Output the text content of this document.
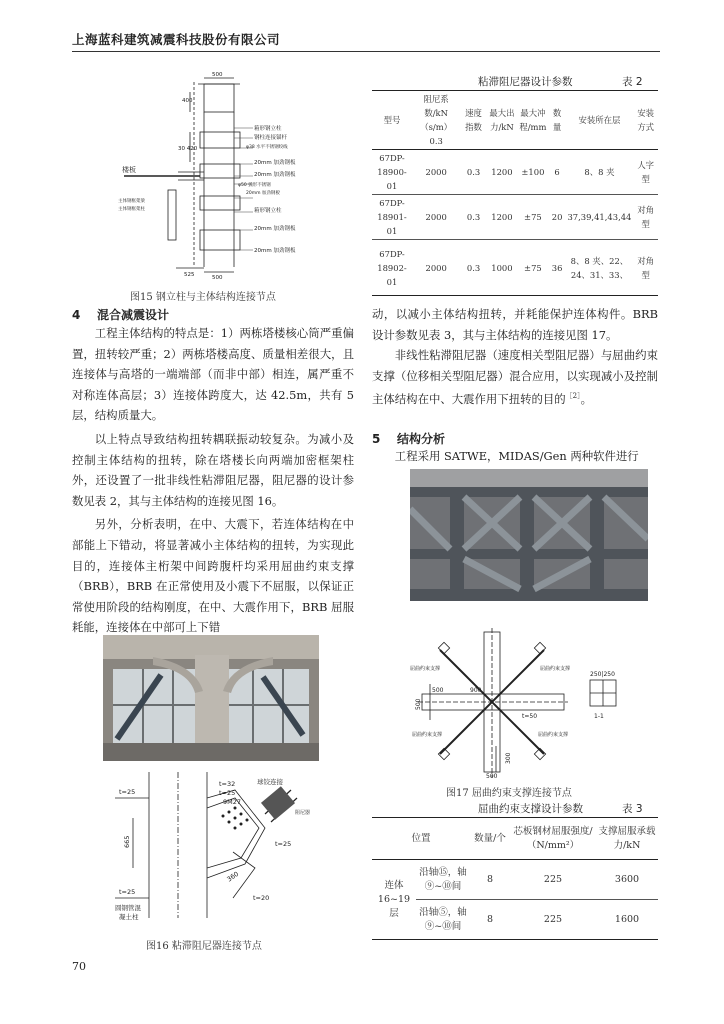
上海蓝科建筑减震科技股份有限公司
500
400
30 420
525	500
楼板
箱形钢立柱
钢柱连接锚杆
φ38 水平不锈钢绞线
20mm 加劲钢板
20mm 加劲钢板
φ50 弧形不锈钢
20mm 加劲钢板
箱形钢立柱
20mm 加劲钢板
20mm 加劲钢板
主体钢框架梁
主体钢框架柱
图15 钢立柱与主体结构连接节点
4    混合减震设计

工程主体结构的特点是：1）两栋塔楼核心筒严重偏置，扭转较严重；2）两栋塔楼高度、质量相差很大，且连接体与高塔的一端端部（而非中部）相连，属严重不对称连体高层；3）连接体跨度大，达 42.5m，共有 5 层，结构质量大。

以上特点导致结构扭转耦联振动较复杂。为减小及控制主体结构的扭转，除在塔楼长向两端加密框架柱外，还设置了一批非线性粘滞阻尼器，阻尼器的设计参数见表 2，其与主体结构的连接见图 16。

另外，分析表明，在中、大震下，若连体结构在中部能上下错动，将显著减小主体结构的扭转，为实现此目的，连接体主桁架中间跨腹杆均采用屈曲约束支撑（BRB），BRB 在正常使用及小震下不屈服，以保证正常使用阶段的结构刚度，在中、大震作用下，BRB 屈服耗能，连接体在中部可上下错

t=32
t=25
9M27
球铰连接
阻尼器
t=25
t=25
t=25
665
360
t=20
圆钢管混
凝土柱
图16 粘滞阻尼器连接节点
70
粘滞阻尼器设计参数	表 2
型号	阻尼系数/kN（s/m）0.3	速度指数	最大出力/kN	最大冲程/mm	数量	安装所在层	安装方式
67DP-18900-01	2000	0.3	1200	±100	6	8、8 夹	人字型
67DP-18901-01	2000	0.3	1200	±75	20	37,39,41,43,44	对角型
67DP-18902-01	2000	0.3	1000	±75	36	8、8 夹、22、24、31、33、	对角型

动，以减小主体结构扭转，并耗能保护连体构件。BRB 设计参数见表 3，其与主体结构的连接见图 17。

非线性粘滞阻尼器（速度相关型阻尼器）与屈曲约束支撑（位移相关型阻尼器）混合应用，以实现减小及控制主体结构在中、大震作用下扭转的目的$^{[2]}$。

5    结构分析
工程采用 SATWE，MIDAS/Gen 两种软件进行
屈曲约束支撑	屈曲约束支撑
屈曲约束支撑	屈曲约束支撑
500
500
500
900
250|250
t=50	1-1
300
图17 屈曲约束支撑连接节点
屈曲约束支撑设计参数	表 3
位置		数量/个	芯板钢材屈服强度/（N/mm²）	支撑屈服承载力/kN
连体 16~19 层	沿轴⑮，轴⑨~⑩间	8	225	3600
	沿轴⑤，轴⑨~⑩间	8	225	1600
